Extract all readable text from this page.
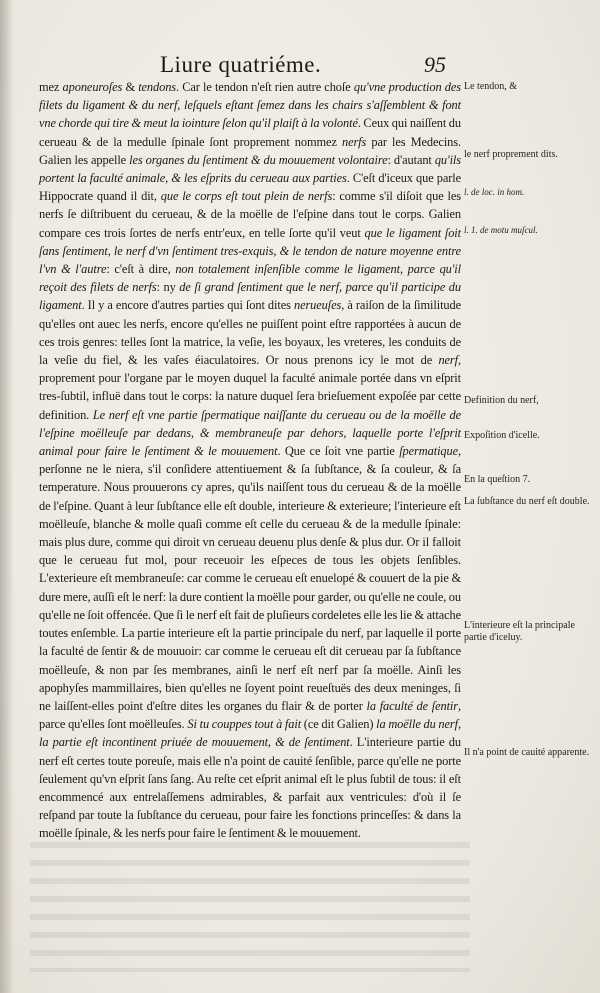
Liure quatriéme.	95

mez aponeuroſes & tendons. Car le tendon n'eſt rien autre choſe qu'vne production des filets du ligament & du nerf, leſquels eſtant ſemez dans les chairs s'aſſemblent & font vne chorde qui tire & meut la iointure ſelon qu'il plaiſt à la volonté. Ceux qui naiſſent du cerueau & de la medulle ſpinale ſont proprement nommez nerfs par les Medecins. Galien les appelle les organes du ſentiment & du mouuement volontaire: d'autant qu'ils portent la faculté animale, & les eſprits du cerueau aux parties. C'eſt d'iceux que parle Hippocrate quand il dit, que le corps eſt tout plein de nerfs: comme s'il diſoit que les nerfs ſe diſtribuent du cerueau, & de la moëlle de l'eſpine dans tout le corps. Galien compare ces trois ſortes de nerfs entr'eux, en telle ſorte qu'il veut que le ligament ſoit ſans ſentiment, le nerf d'vn ſentiment tres-exquis, & le tendon de nature moyenne entre l'vn & l'autre: c'eſt à dire, non totalement inſenſible comme le ligament, parce qu'il reçoit des filets de nerfs: ny de ſi grand ſentiment que le nerf, parce qu'il participe du ligament. Il y a encore d'autres parties qui ſont dites nerueuſes, à raiſon de la ſimilitude qu'elles ont auec les nerfs, encore qu'elles ne puiſſent point eſtre rapportées à aucun de ces trois genres: telles ſont la matrice, la veſie, les boyaux, les vreteres, les conduits de la veſie du fiel, & les vaſes éiaculatoires. Or nous prenons icy le mot de nerf, proprement pour l'organe par le moyen duquel la faculté animale portée dans vn eſprit tres-ſubtil, influë dans tout le corps: la nature duquel ſera brieſuement expoſée par cette definition. Le nerf eſt vne partie ſpermatique naiſſante du cerueau ou de la moëlle de l'eſpine moëlleuſe par dedans, & membraneuſe par dehors, laquelle porte l'eſprit animal pour faire le ſentiment & le mouuement. Que ce ſoit vne partie ſpermatique, perſonne ne le niera, s'il conſidere attentiuement & ſa ſubſtance, & ſa couleur, & ſa temperature. Nous prouuerons cy apres, qu'ils naiſſent tous du cerueau & de la moëlle de l'eſpine. Quant à leur ſubſtance elle eſt double, interieure & exterieure; l'interieure eſt moëlleuſe, blanche & molle quaſi comme eſt celle du cerueau & de la medulle ſpinale: mais plus dure, comme qui diroit vn cerueau deuenu plus denſe & plus dur. Or il falloit que le cerueau fut mol, pour receuoir les eſpeces de tous les objets ſenſibles. L'exterieure eſt membraneuſe: car comme le cerueau eſt enuelopé & couuert de la pie & dure mere, auſſi eſt le nerf: la dure contient la moëlle pour garder, ou qu'elle ne coule, ou qu'elle ne ſoit offencée. Que ſi le nerf eſt fait de pluſieurs cordeletes elle les lie & attache toutes enſemble. La partie interieure eſt la partie principale du nerf, par laquelle il porte la faculté de ſentir & de mouuoir: car comme le cerueau eſt dit cerueau par ſa ſubſtance moëlleuſe, & non par ſes membranes, ainſi le nerf eſt nerf par ſa moëlle. Ainſi les apophyſes mammillaires, bien qu'elles ne ſoyent point reueſtuës des deux meninges, ſi ne laiſſent-elles point d'eſtre dites les organes du flair & de porter la faculté de ſentir, parce qu'elles ſont moëlleuſes. Si tu couppes tout à fait (ce dit Galien) la moëlle du nerf, la partie eſt incontinent priuée de mouuement, & de ſentiment. L'interieure partie du nerf eſt certes toute poreuſe, mais elle n'a point de cauité ſenſible, parce qu'elle ne porte ſeulement qu'vn eſprit ſans ſang. Au reſte cet eſprit animal eſt le plus ſubtil de tous: il eſt encommencé aux entrelaſſemens admirables, & parfait aux ventricules: d'où il ſe reſpand par toute la ſubſtance du cerueau, pour faire les fonctions princeſſes: & dans la moëlle ſpinale, & les nerfs pour faire le ſentiment & le mouuement.

Le tendon, &
le nerf proprement dits.
l. de loc. in hom.
l. 1. de motu muſcul.
Definition du nerf,
Expoſition d'icelle.
En la queſtion 7.
La ſubſtance du nerf eſt double.
L'interieure eſt la principale partie d'iceluy.
Il n'a point de cauité apparente.
